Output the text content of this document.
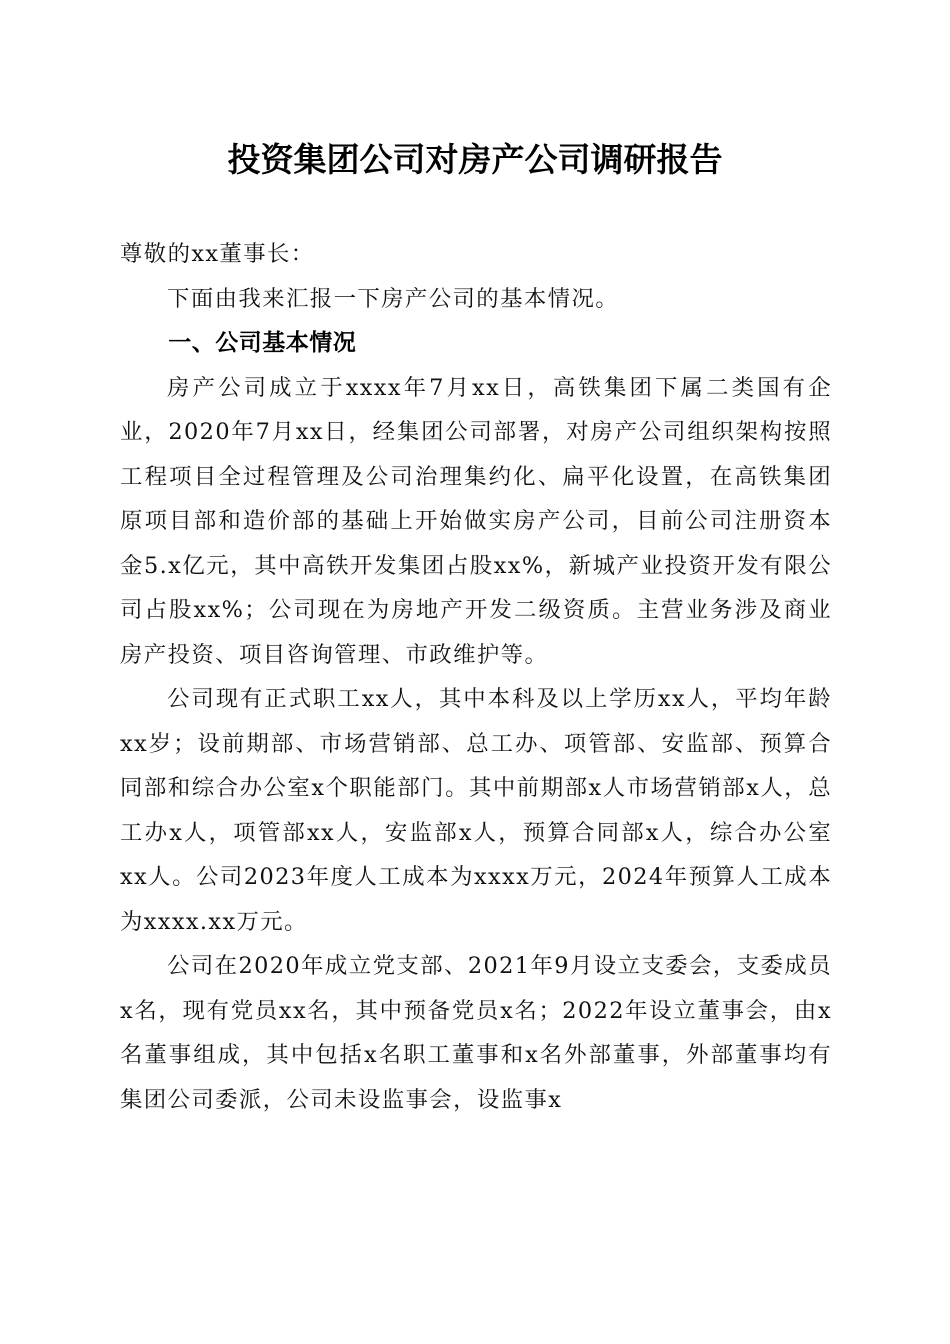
投资集团公司对房产公司调研报告

尊敬的xx董事长：

下面由我来汇报一下房产公司的基本情况。

一、公司基本情况

房产公司成立于xxxx年7月xx日，高铁集团下属二类国有企业，2020年7月xx日，经集团公司部署，对房产公司组织架构按照工程项目全过程管理及公司治理集约化、扁平化设置，在高铁集团原项目部和造价部的基础上开始做实房产公司，目前公司注册资本金5.x亿元，其中高铁开发集团占股xx%，新城产业投资开发有限公司占股xx%；公司现在为房地产开发二级资质。主营业务涉及商业房产投资、项目咨询管理、市政维护等。

公司现有正式职工xx人，其中本科及以上学历xx人，平均年龄xx岁；设前期部、市场营销部、总工办、项管部、安监部、预算合同部和综合办公室x个职能部门。其中前期部x人市场营销部x人，总工办x人，项管部xx人，安监部x人，预算合同部x人，综合办公室xx人。公司2023年度人工成本为xxxx万元，2024年预算人工成本为xxxx.xx万元。

公司在2020年成立党支部、2021年9月设立支委会，支委成员x名，现有党员xx名，其中预备党员x名；2022年设立董事会，由x名董事组成，其中包括x名职工董事和x名外部董事，外部董事均有集团公司委派，公司未设监事会，设监事x
